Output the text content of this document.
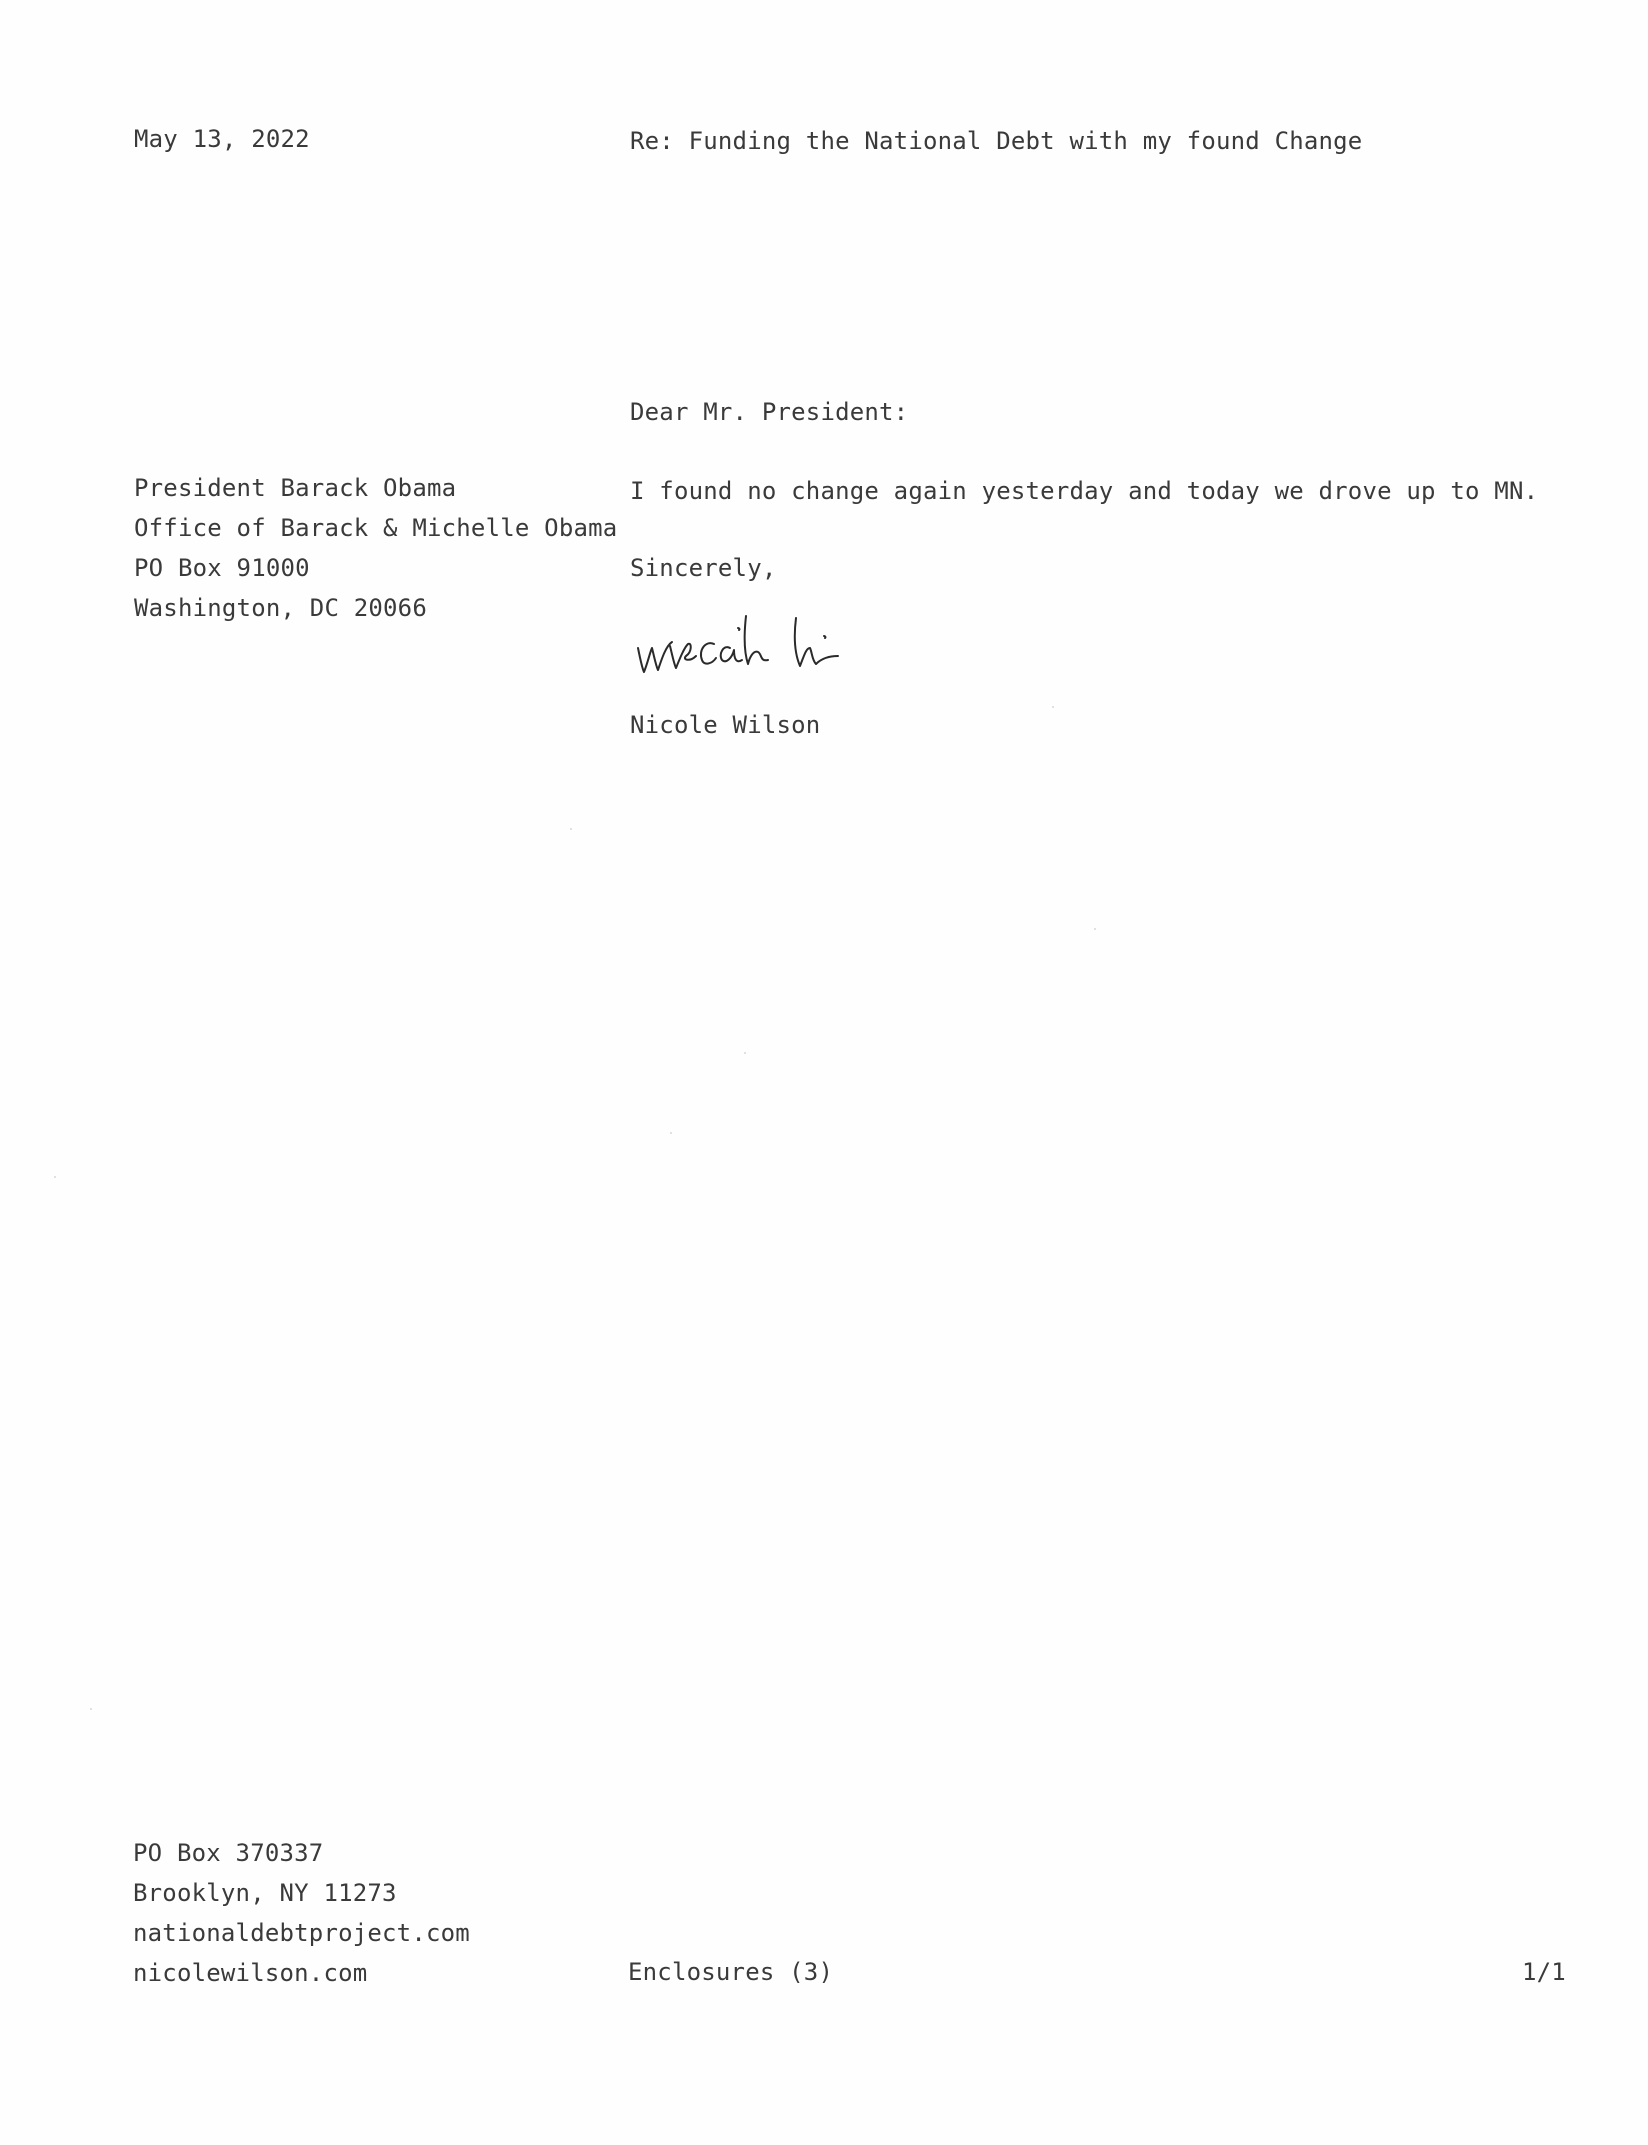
May 13, 2022	Re: Funding the National Debt with my found Change
Dear Mr. President:
President Barack Obama
Office of Barack & Michelle Obama
PO Box 91000
Washington, DC 20066
I found no change again yesterday and today we drove up to MN.
Sincerely,
Nicole Wilson
PO Box 370337
Brooklyn, NY 11273
nationaldebtproject.com
nicolewilson.com	Enclosures (3)	1/1
